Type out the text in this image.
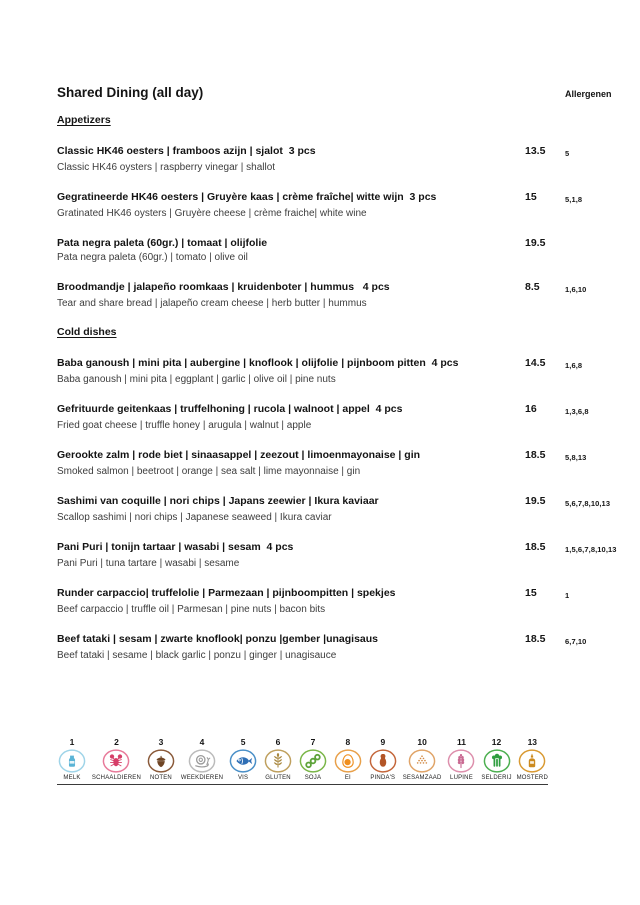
Shared Dining (all day)	Allergenen
Appetizers
Classic HK46 oesters | framboos azijn | sjalot  3 pcs	13.5	5
Classic HK46 oysters | raspberry vinegar | shallot
Gegratineerde HK46 oesters | Gruyère kaas | crème fraîche| witte wijn  3 pcs	15	5,1,8
Gratinated HK46 oysters | Gruyère cheese | crème fraiche| white wine
Pata negra paleta (60gr.) | tomaat | olijfolie	19.5
Pata negra paleta (60gr.) | tomato | olive oil
Broodmandje | jalapeño roomkaas | kruidenboter | hummus   4 pcs	8.5	1,6,10
Tear and share bread | jalapeño cream cheese | herb butter | hummus
Cold dishes
Baba ganoush | mini pita | aubergine | knoflook | olijfolie | pijnboom pitten  4 pcs	14.5	1,6,8
Baba ganoush | mini pita | eggplant | garlic | olive oil | pine nuts
Gefrituurde geitenkaas | truffelhoning | rucola | walnoot | appel  4 pcs	16	1,3,6,8
Fried goat cheese | truffle honey | arugula | walnut | apple
Gerookte zalm | rode biet | sinaasappel | zeezout | limoenmayonaise | gin	18.5	5,8,13
Smoked salmon | beetroot | orange | sea salt | lime mayonnaise | gin
Sashimi van coquille | nori chips | Japans zeewier | Ikura kaviaar	19.5	5,6,7,8,10,13
Scallop sashimi | nori chips | Japanese seaweed | Ikura caviar
Pani Puri | tonijn tartaar | wasabi | sesam  4 pcs	18.5	1,5,6,7,8,10,13
Pani Puri | tuna tartare | wasabi | sesame
Runder carpaccio| truffelolie | Parmezaan | pijnboompitten | spekjes	15	1
Beef carpaccio | truffle oil | Parmesan | pine nuts | bacon bits
Beef tataki | sesam | zwarte knoflook| ponzu |gember |unagisaus	18.5	6,7,10
Beef tataki | sesame | black garlic | ponzu | ginger | unagisauce
1
MELK
2
SCHAALDIEREN
3
NOTEN
4
WEEKDIEREN
5
VIS
6
GLUTEN
7
SOJA
8
EI
9
PINDA'S
10
SESAMZAAD
11
LUPINE
12
SELDERIJ
13
MOSTERD
